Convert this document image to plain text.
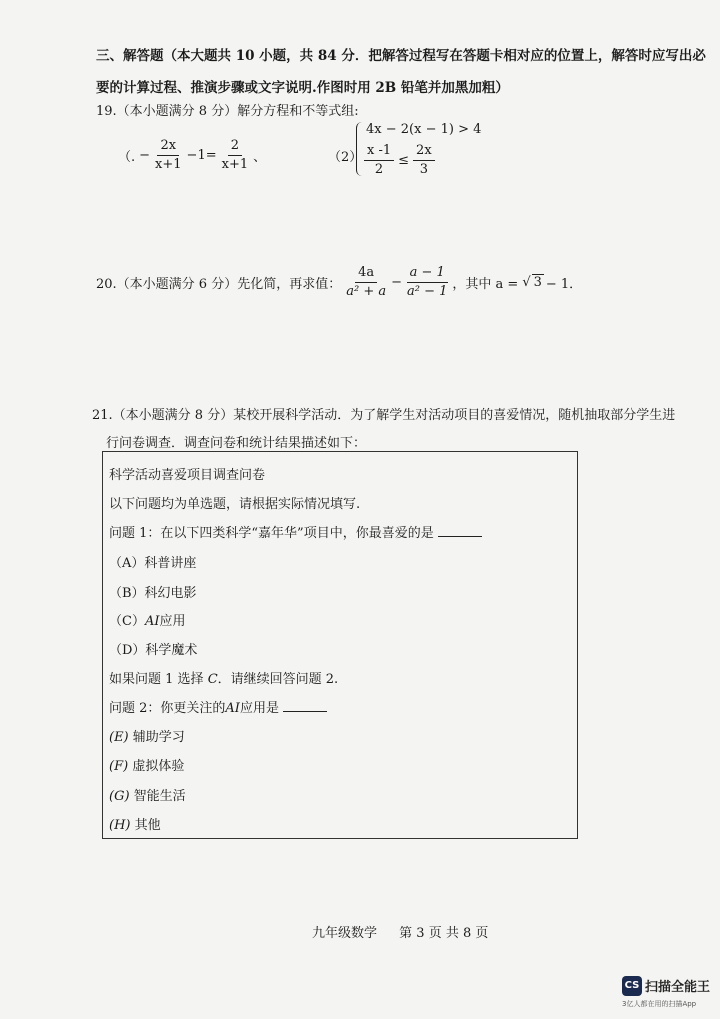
三、解答题（本大题共 10 小题，共 84 分．把解答过程写在答题卡相对应的位置上，解答时应写出必
要的计算过程、推演步骤或文字说明.作图时用 2B 铅笔并加黑加粗）
19.（本小题满分 8 分）解分方程和不等式组:
（. − $\frac{2x}{x+1} -1= \frac{2}{x+1}$ 、	（2）
4x − 2(x − 1) > 4
$\frac{x -1}{2} \le \frac{2x}{3}$
20.（本小题满分 6 分）先化简，再求值： $\frac{4a}{\text{a² + a}} - \frac{a - 1}{\text{a² − 1}}$ ，其中 a = √ 3 − 1．
21.（本小题满分 8 分）某校开展科学活动．为了解学生对活动项目的喜爱情况，随机抽取部分学生进
行问卷调查．调查问卷和统计结果描述如下：
科学活动喜爱项目调查问卷
以下问题均为单选题，请根据实际情况填写.
问题 1：在以下四类科学“嘉年华”项目中，你最喜爱的是
（A）科普讲座
（B）科幻电影
（C）AI应用
（D）科学魔术
如果问题 1 选择 C．请继续回答问题 2.
问题 2：你更关注的AI应用是
(E) 辅助学习
(F) 虚拟体验
(G) 智能生活
(H) 其他
九年级数学 第 3 页 共 8 页
CS 扫描全能王
3亿人都在用的扫描App
